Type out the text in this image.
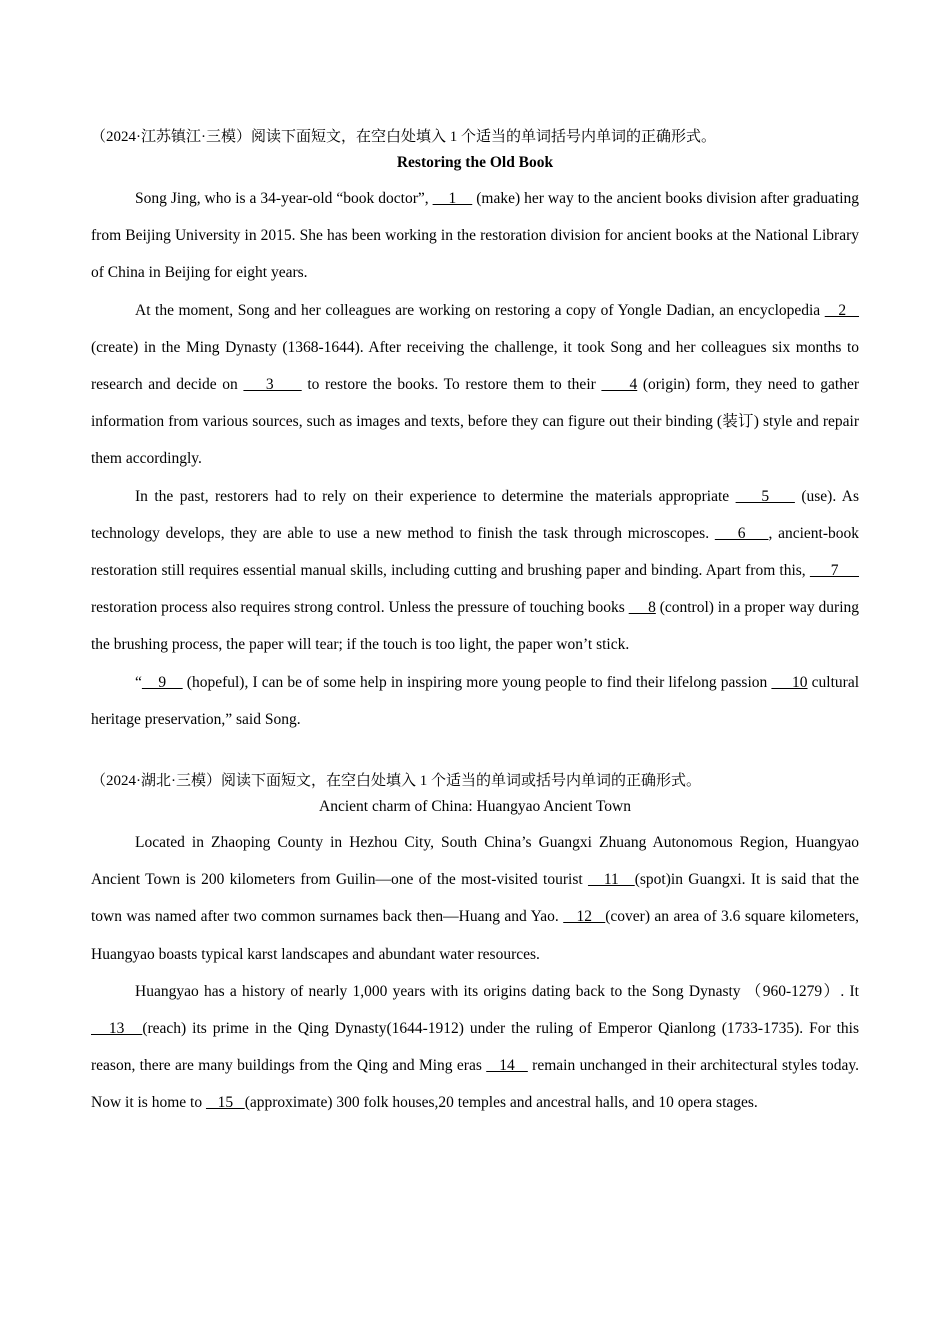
（2024·江苏镇江·三模）阅读下面短文，在空白处填入 1 个适当的单词括号内单词的正确形式。

Restoring the Old Book

Song Jing, who is a 34-year-old “book doctor”,     1     (make) her way to the ancient books division after graduating from Beijing University in 2015. She has been working in the restoration division for ancient books at the National Library of China in Beijing for eight years.

At the moment, Song and her colleagues are working on restoring a copy of Yongle Dadian, an encyclopedia    2    (create) in the Ming Dynasty (1368-1644). After receiving the challenge, it took Song and her colleagues six months to research and decide on     3      to restore the books. To restore them to their      4 (origin) form, they need to gather information from various sources, such as images and texts, before they can figure out their binding (装订) style and repair them accordingly.

In the past, restorers had to rely on their experience to determine the materials appropriate     5     (use). As technology develops, they are able to use a new method to finish the task through microscopes.     6    , ancient-book restoration still requires essential manual skills, including cutting and brushing paper and binding. Apart from this,      7      restoration process also requires strong control. Unless the pressure of touching books      8 (control) in a proper way during the brushing process, the paper will tear; if the touch is too light, the paper won’t stick.

“    9     (hopeful), I can be of some help in inspiring more young people to find their lifelong passion      10 cultural heritage preservation,” said Song.

（2024·湖北·三模）阅读下面短文，在空白处填入 1 个适当的单词或括号内单词的正确形式。

Ancient charm of China: Huangyao Ancient Town

Located in Zhaoping County in Hezhou City, South China’s Guangxi Zhuang Autonomous Region, Huangyao Ancient Town is 200 kilometers from Guilin—one of the most-visited tourist    11   (spot)in Guangxi. It is said that the town was named after two common surnames back then—Huang and Yao.    12   (cover) an area of 3.6 square kilometers, Huangyao boasts typical karst landscapes and abundant water resources.

Huangyao has a history of nearly 1,000 years with its origins dating back to the Song Dynasty （960-1279）. It    13   (reach) its prime in the Qing Dynasty(1644-1912) under the ruling of Emperor Qianlong (1733-1735). For this reason, there are many buildings from the Qing and Ming eras    14    remain unchanged in their architectural styles today. Now it is home to    15   (approximate) 300 folk houses,20 temples and ancestral halls, and 10 opera stages.
